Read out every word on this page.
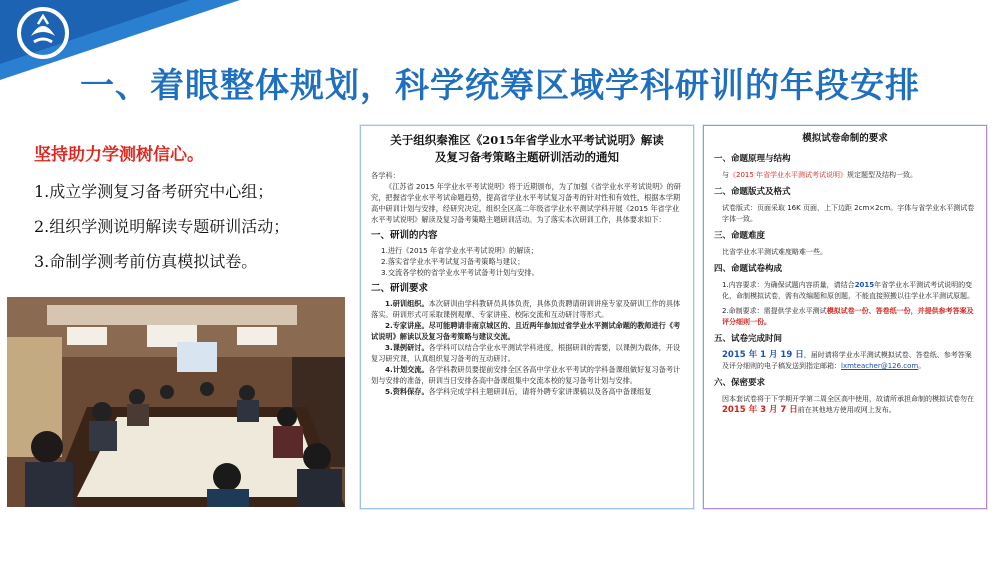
一、着眼整体规划，科学统筹区域学科研训的年段安排
坚持助力学测树信心。
1.成立学测复习备考研究中心组；
2.组织学测说明解读专题研训活动；
3.命制学测考前仿真模拟试卷。
关于组织秦淮区《2015年省学业水平考试说明》解读
及复习备考策略主题研训活动的通知
各学科：
《江苏省 2015 年学业水平考试说明》将于近期颁布，为了加强《省学业水平考试说明》的研究，把握省学业水平考试命题趋势，提高省学业水平考试复习备考的针对性和有效性，根据本学期高中研训计划与安排，经研究决定，组织全区高二年级省学业水平测试学科开展《2015 年省学业水平考试说明》解读及复习备考策略主题研训活动。为了落实本次研训工作，具体要求如下：
一、研训的内容
1.进行《2015 年省学业水平考试说明》的解读；
2.落实省学业水平考试复习备考策略与建议；
3.交流各学校的省学业水平考试备考计划与安排。
二、研训要求
1.研训组织。本次研训由学科教研员具体负责，具体负责聘请研训讲座专家及研训工作的具体落实。研训形式可采取课例观摩、专家讲座、校际交流和互动研讨等形式。
2.专家讲座。尽可能聘请非南京城区的、且近两年参加过省学业水平测试命题的教师进行《考试说明》解读以及复习备考策略与建议交流。
3.课例研讨。各学科可以结合学业水平测试学科进度，根据研训的需要，以课例为载体，开设复习研究课，认真组织复习备考的互动研讨。
4.计划交流。各学科教研员要提前安排全区各高中学业水平考试的学科备课组做好复习备考计划与安排的准备，研训当日安排各高中备课组集中交流本校的复习备考计划与安排。
5.资料保存。各学科完成学科主题研训后，请将外聘专家讲课稿以及各高中备课组复
模拟试卷命制的要求
一、命题原理与结构
与《2015 年省学业水平测试考试说明》规定题型及结构一致。
二、命题版式及格式
试卷版式：页面采取 16K 页面，上下边距 2cm×2cm。字体与省学业水平测试卷字体一致。
三、命题难度
比省学业水平测试难度略难一些。
四、命题试卷构成
1.内容要求：为确保试题内容质量，请结合2015年省学业水平测试考试说明的变化，命制模拟试卷，需有改编题和原创题，不能直接照搬以往学业水平测试原题。
2.命制要求：需提供学业水平测试模拟试卷一份、答卷纸一份，并提供参考答案及评分细则一份。
五、试卷完成时间
2015 年 1 月 19 日，届时请将学业水平测试模拟试卷、答卷纸、参考答案及评分细则的电子稿发送到指定邮箱：lxmteacher@126.com。
六、保密要求
因本套试卷将于下学期开学第二周全区高中使用，故请所承担命制的模拟试卷勿在2015 年 3 月 7 日前在其他地方使用或网上发布。
